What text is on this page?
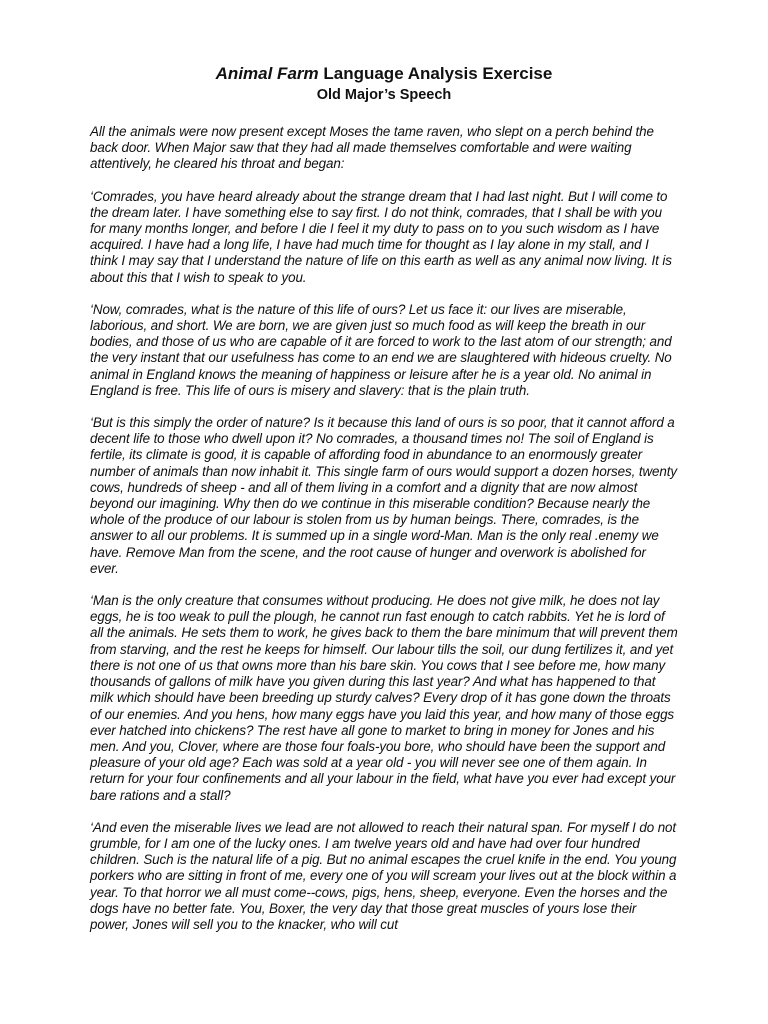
Animal Farm Language Analysis Exercise
Old Major’s Speech

All the animals were now present except Moses the tame raven, who slept on a perch behind the back door. When Major saw that they had all made themselves comfortable and were waiting attentively, he cleared his throat and began:

‘Comrades, you have heard already about the strange dream that I had last night. But I will come to the dream later. I have something else to say first. I do not think, comrades, that I shall be with you for many months longer, and before I die I feel it my duty to pass on to you such wisdom as I have acquired. I have had a long life, I have had much time for thought as I lay alone in my stall, and I think I may say that I understand the nature of life on this earth as well as any animal now living. It is about this that I wish to speak to you.

‘Now, comrades, what is the nature of this life of ours? Let us face it: our lives are miserable, laborious, and short. We are born, we are given just so much food as will keep the breath in our bodies, and those of us who are capable of it are forced to work to the last atom of our strength; and the very instant that our usefulness has come to an end we are slaughtered with hideous cruelty. No animal in England knows the meaning of happiness or leisure after he is a year old. No animal in England is free. This life of ours is misery and slavery: that is the plain truth.

‘But is this simply the order of nature? Is it because this land of ours is so poor, that it cannot afford a decent life to those who dwell upon it? No comrades, a thousand times no! The soil of England is fertile, its climate is good, it is capable of affording food in abundance to an enormously greater number of animals than now inhabit it. This single farm of ours would support a dozen horses, twenty cows, hundreds of sheep - and all of them living in a comfort and a dignity that are now almost beyond our imagining. Why then do we continue in this miserable condition? Because nearly the whole of the produce of our labour is stolen from us by human beings. There, comrades, is the answer to all our problems. It is summed up in a single word-Man. Man is the only real .enemy we have. Remove Man from the scene, and the root cause of hunger and overwork is abolished for ever.

‘Man is the only creature that consumes without producing. He does not give milk, he does not lay eggs, he is too weak to pull the plough, he cannot run fast enough to catch rabbits. Yet he is lord of all the animals. He sets them to work, he gives back to them the bare minimum that will prevent them from starving, and the rest he keeps for himself. Our labour tills the soil, our dung fertilizes it, and yet there is not one of us that owns more than his bare skin. You cows that I see before me, how many thousands of gallons of milk have you given during this last year? And what has happened to that milk which should have been breeding up sturdy calves? Every drop of it has gone down the throats of our enemies. And you hens, how many eggs have you laid this year, and how many of those eggs ever hatched into chickens? The rest have all gone to market to bring in money for Jones and his men. And you, Clover, where are those four foals-you bore, who should have been the support and pleasure of your old age? Each was sold at a year old - you will never see one of them again. In return for your four confinements and all your labour in the field, what have you ever had except your bare rations and a stall?

‘And even the miserable lives we lead are not allowed to reach their natural span. For myself I do not grumble, for I am one of the lucky ones. I am twelve years old and have had over four hundred children. Such is the natural life of a pig. But no animal escapes the cruel knife in the end. You young porkers who are sitting in front of me, every one of you will scream your lives out at the block within a year. To that horror we all must come--cows, pigs, hens, sheep, everyone. Even the horses and the dogs have no better fate. You, Boxer, the very day that those great muscles of yours lose their power, Jones will sell you to the knacker, who will cut
